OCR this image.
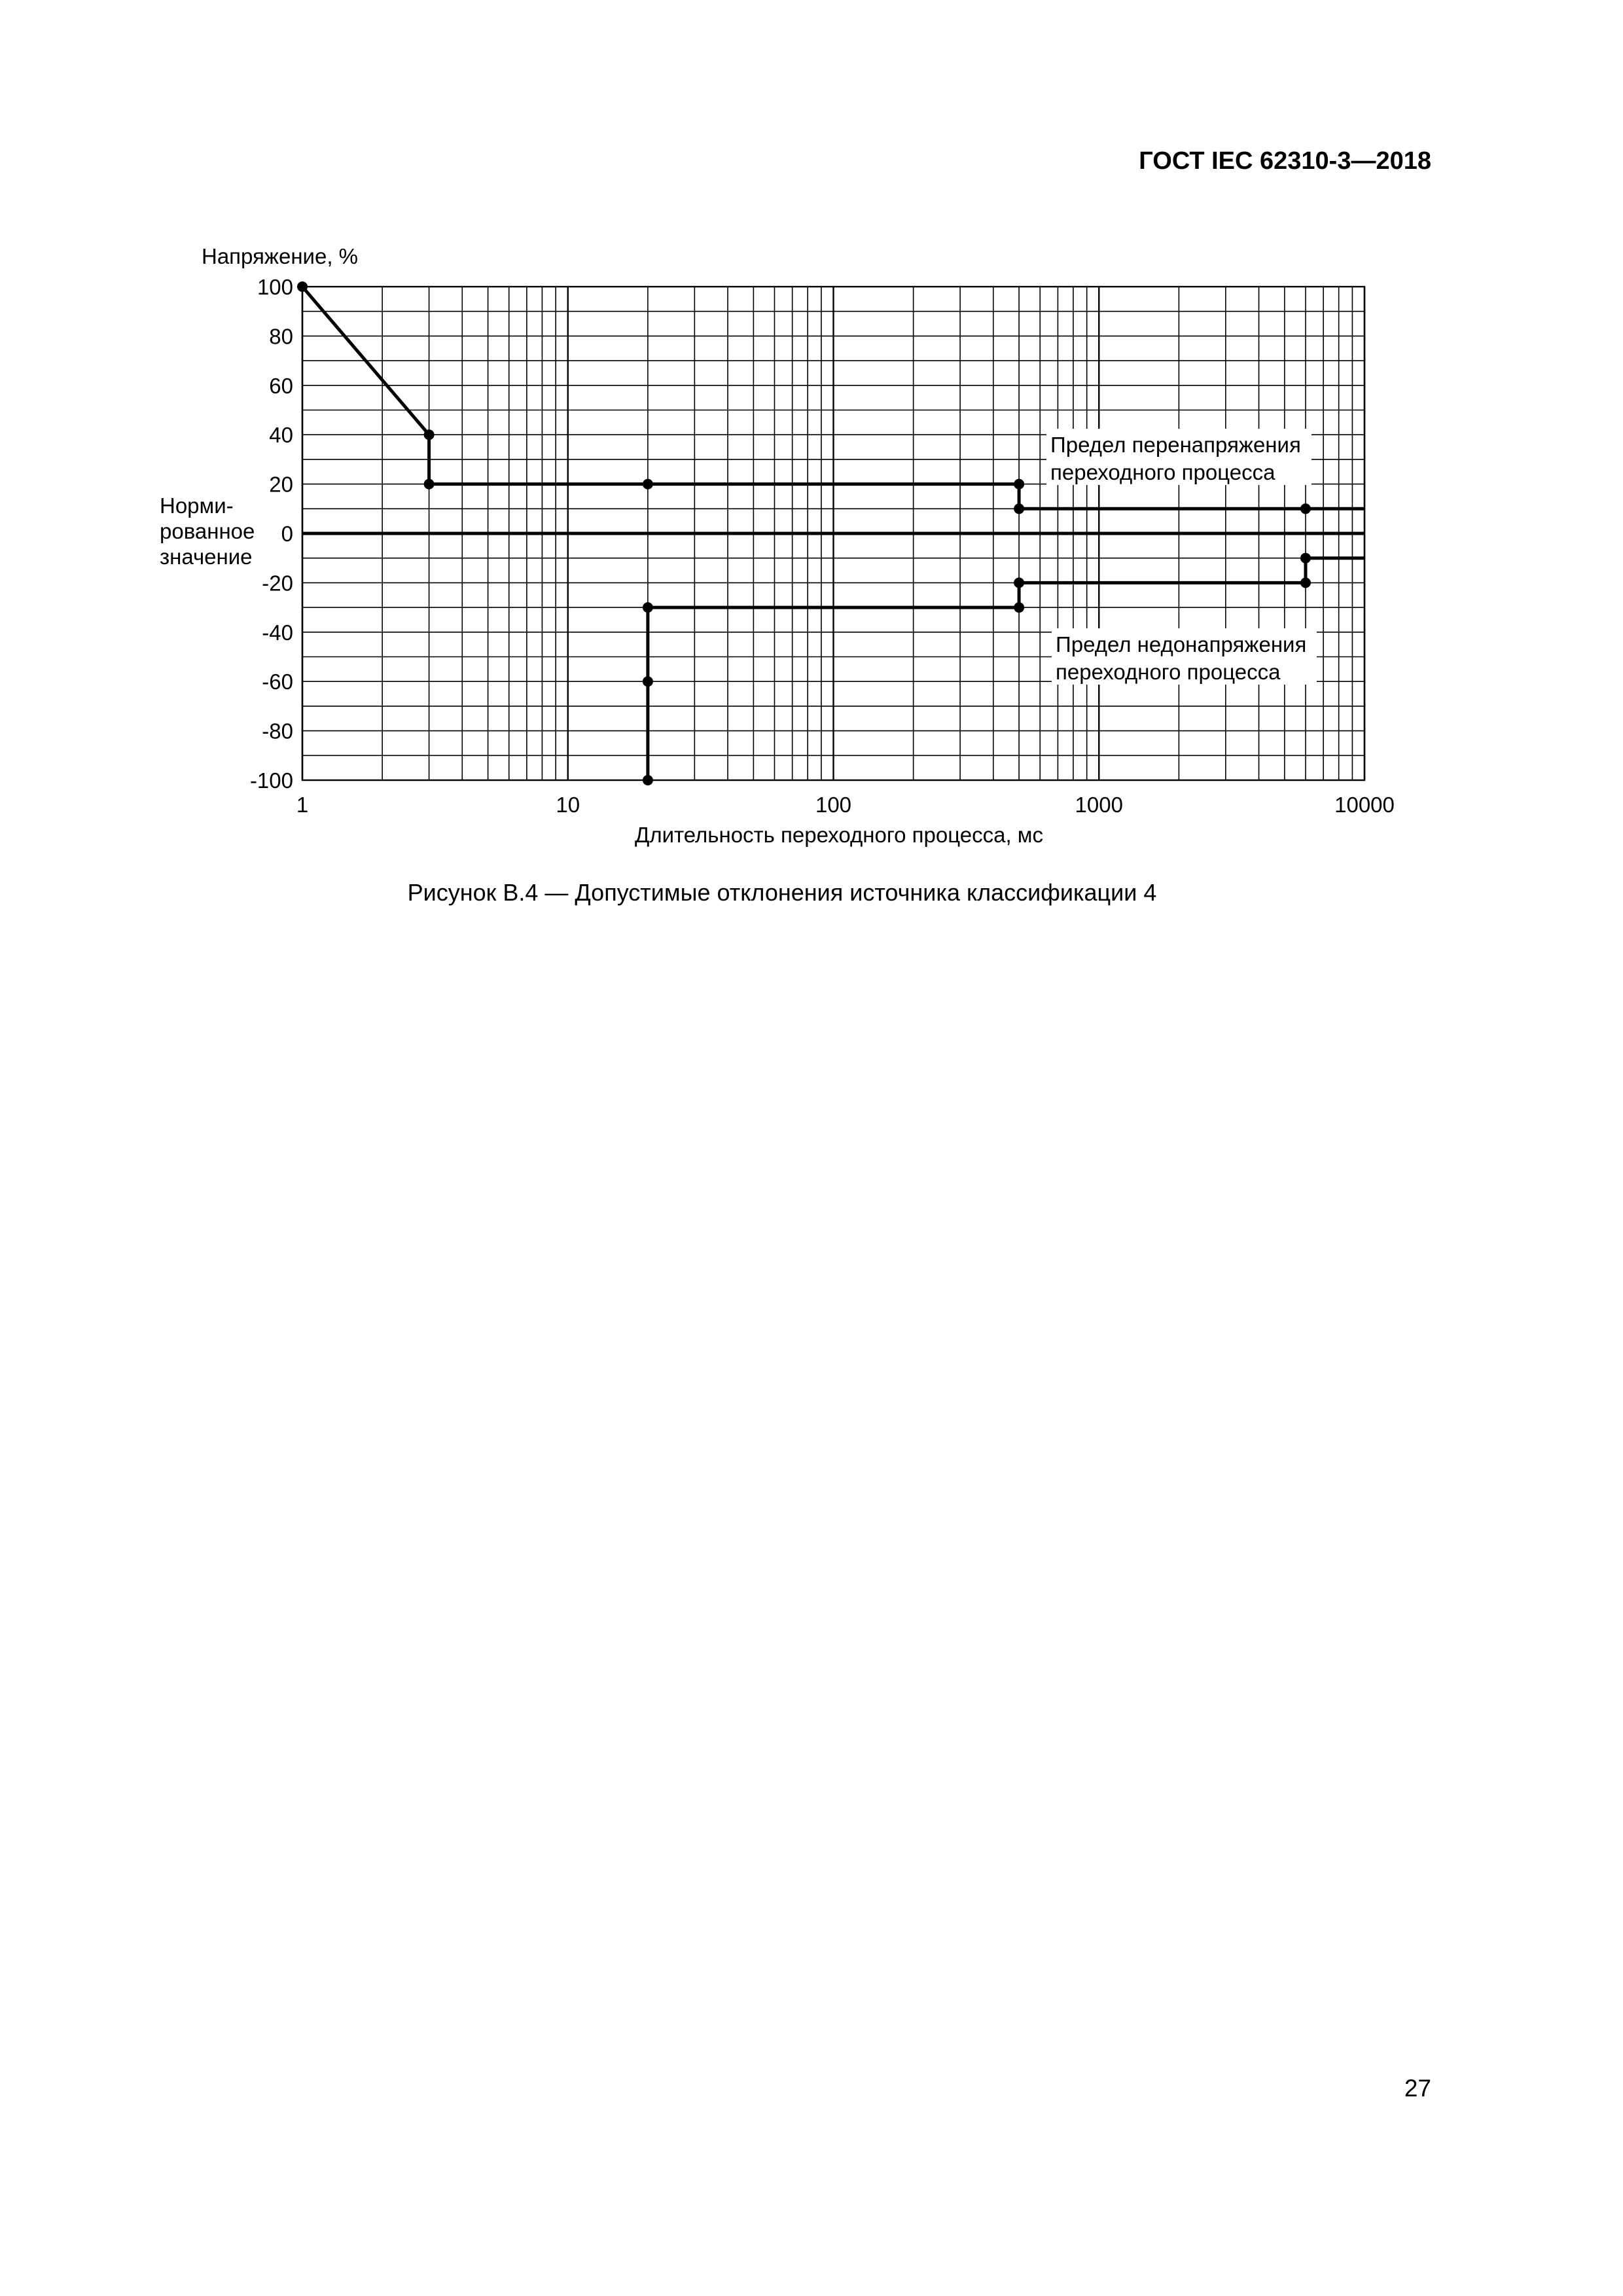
ГОСТ IEC 62310-3—2018
100
80
60
40
20
0
-20
-40
-60
-80
-100
1	10	100	1000	10000
Напряжение, %
Норми-
рованное
значение
Длительность переходного процесса, мс
Предел перенапряжения
переходного процесса
Предел недонапряжения
переходного процесса
Рисунок В.4 — Допустимые отклонения источника классификации 4
27
